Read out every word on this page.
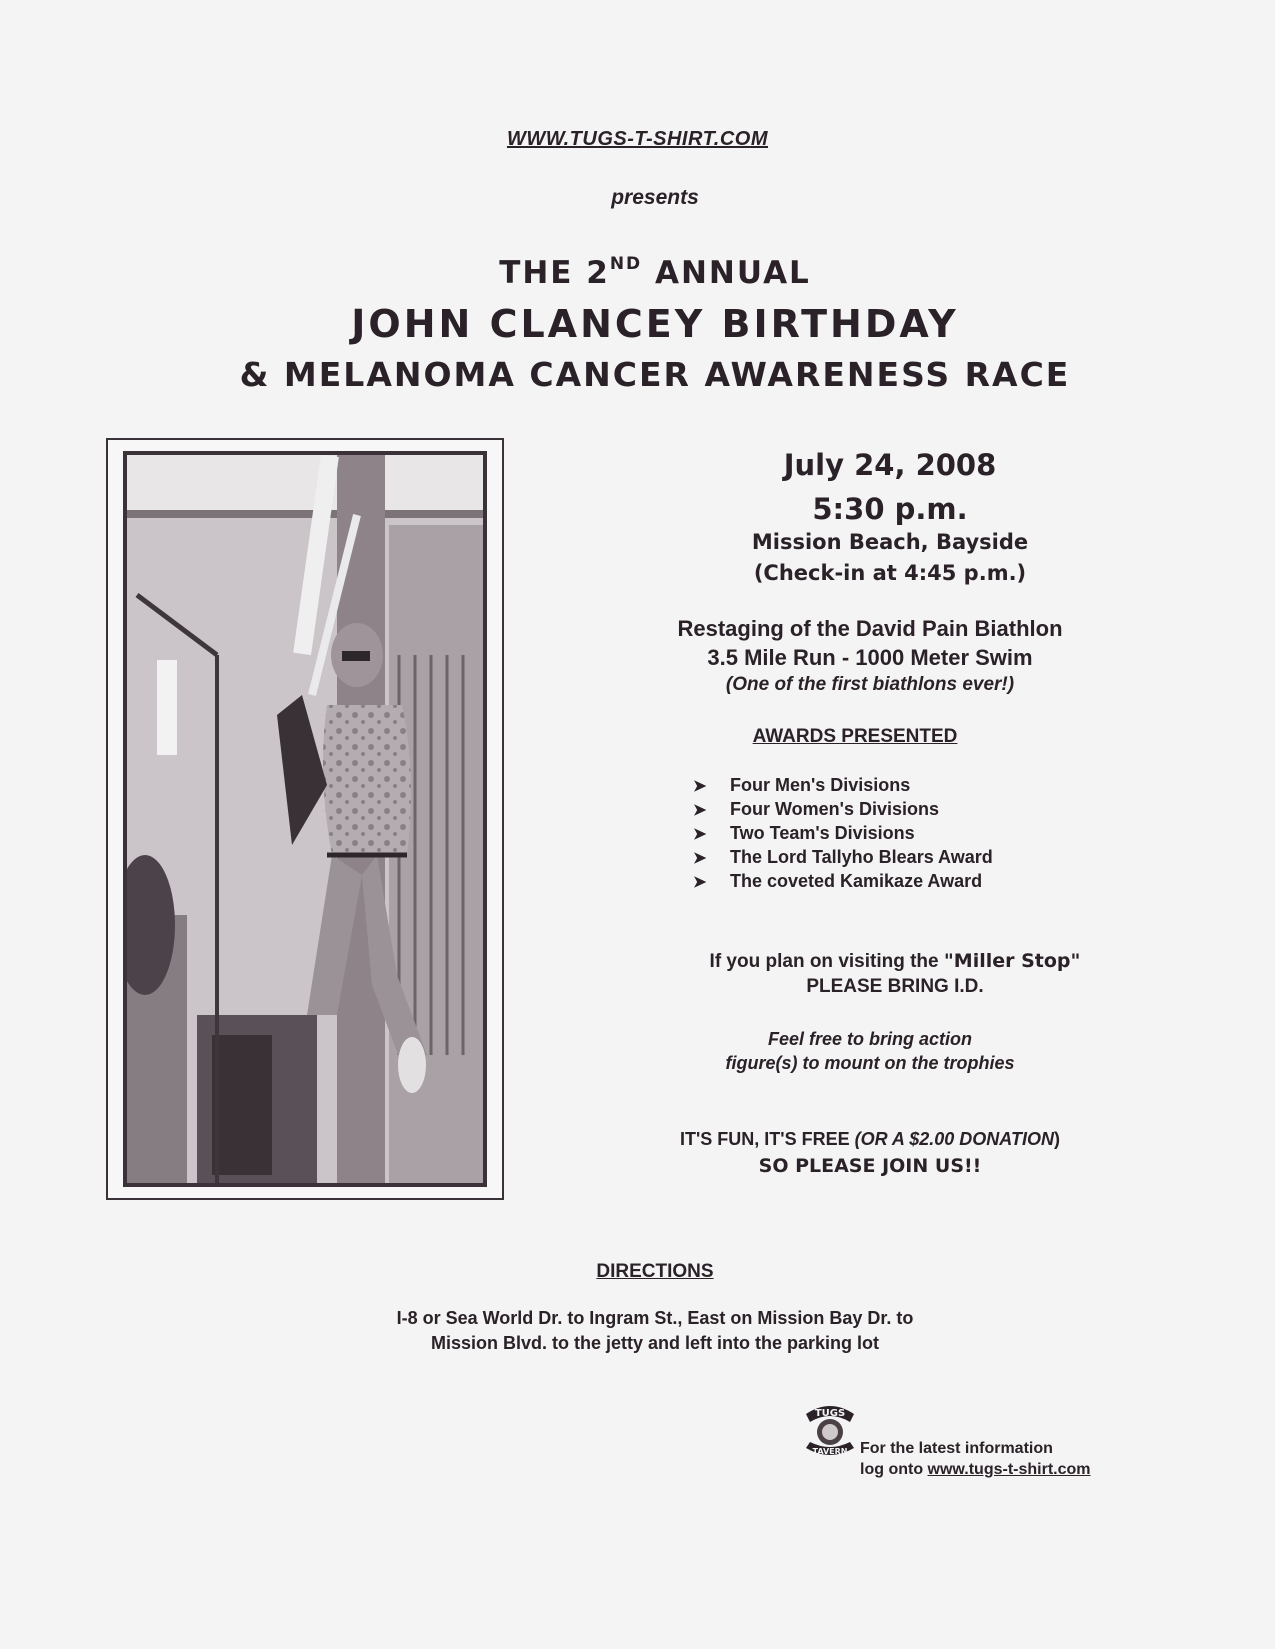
WWW.TUGS-T-SHIRT.COM
presents
THE 2ND ANNUAL
JOHN CLANCEY BIRTHDAY
& MELANOMA CANCER AWARENESS RACE
July 24, 2008
5:30 p.m.
Mission Beach, Bayside
(Check-in at 4:45 p.m.)
Restaging of the David Pain Biathlon
3.5 Mile Run - 1000 Meter Swim
(One of the first biathlons ever!)
AWARDS PRESENTED
➤ Four Men's Divisions
➤ Four Women's Divisions
➤ Two Team's Divisions
➤ The Lord Tallyho Blears Award
➤ The coveted Kamikaze Award
If you plan on visiting the "Miller Stop"
PLEASE BRING I.D.
Feel free to bring action
figure(s) to mount on the trophies
IT'S FUN, IT'S FREE (OR A $2.00 DONATION)
SO PLEASE JOIN US!!
DIRECTIONS
I-8 or Sea World Dr. to Ingram St., East on Mission Bay Dr. to
Mission Blvd. to the jetty and left into the parking lot
TUGS
TAVERN For the latest information
log onto www.tugs-t-shirt.com
